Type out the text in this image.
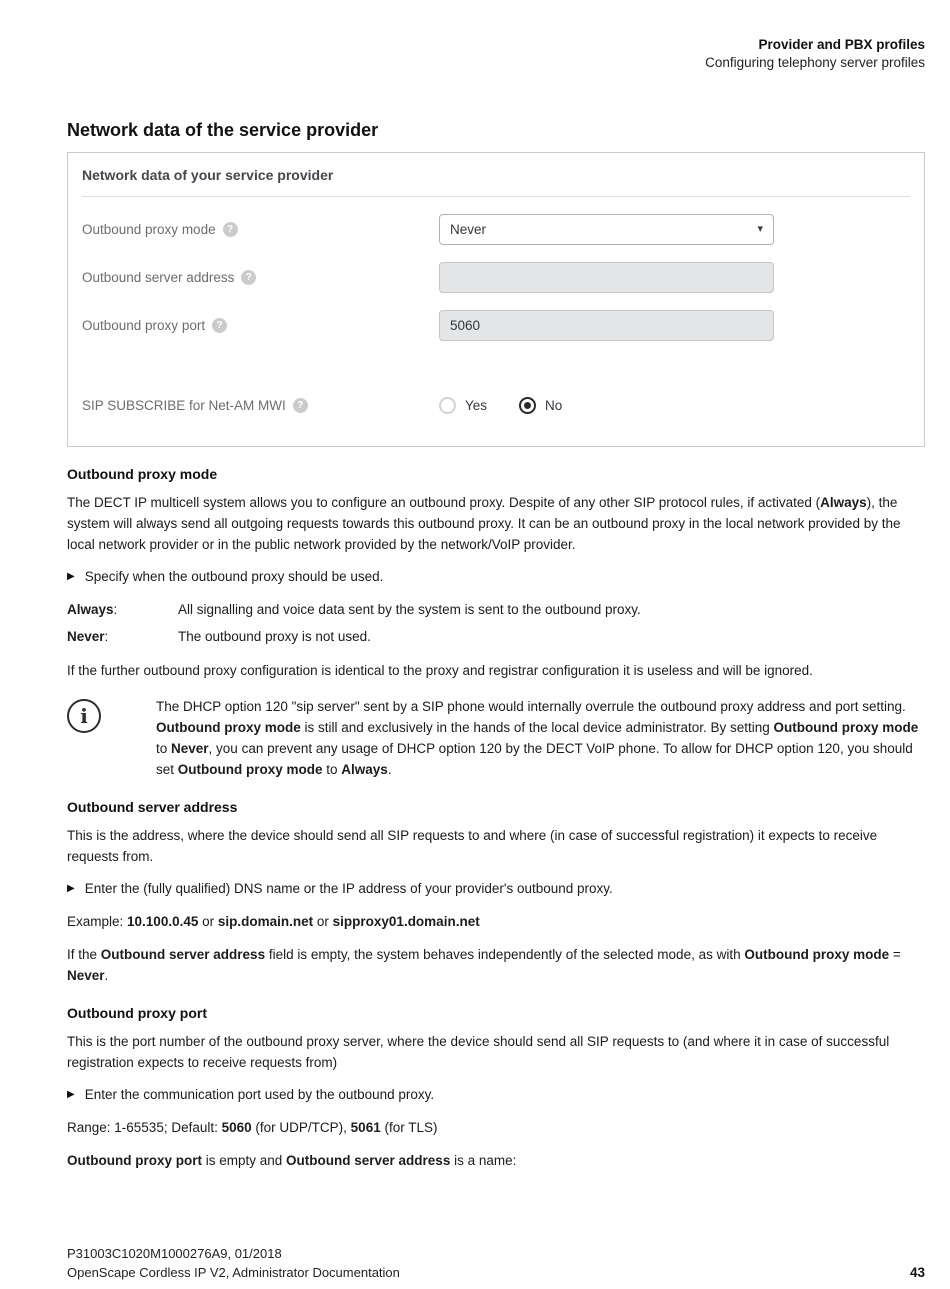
Provider and PBX profiles
Configuring telephony server profiles
Network data of the service provider
Network data of your service provider
Outbound proxy mode	?	Never	▾
Outbound server address	?
Outbound proxy port	?	5060
SIP SUBSCRIBE for Net-AM MWI	?	Yes	No
Outbound proxy mode

The DECT IP multicell system allows you to configure an outbound proxy. Despite of any other SIP protocol rules, if activated (Always), the system will always send all outgoing requests towards this outbound proxy. It can be an outbound proxy in the local network provided by the local network provider or in the public network provided by the network/VoIP provider.

▶ Specify when the outbound proxy should be used.
Always:	All signalling and voice data sent by the system is sent to the outbound proxy.
Never:	The outbound proxy is not used.

If the further outbound proxy configuration is identical to the proxy and registrar configuration it is useless and will be ignored.

i	The DHCP option 120 "sip server" sent by a SIP phone would internally overrule the outbound proxy address and port setting. Outbound proxy mode is still and exclusively in the hands of the local device administrator. By setting Outbound proxy mode to Never, you can prevent any usage of DHCP option 120 by the DECT VoIP phone. To allow for DHCP option 120, you should set Outbound proxy mode to Always.
Outbound server address

This is the address, where the device should send all SIP requests to and where (in case of successful registration) it expects to receive requests from.

▶ Enter the (fully qualified) DNS name or the IP address of your provider's outbound proxy.

Example: 10.100.0.45 or sip.domain.net or sipproxy01.domain.net

If the Outbound server address field is empty, the system behaves independently of the selected mode, as with Outbound proxy mode = Never.

Outbound proxy port

This is the port number of the outbound proxy server, where the device should send all SIP requests to (and where it in case of successful registration expects to receive requests from)

▶ Enter the communication port used by the outbound proxy.

Range: 1-65535; Default: 5060 (for UDP/TCP), 5061 (for TLS)

Outbound proxy port is empty and Outbound server address is a name:

P31003C1020M1000276A9, 01/2018
OpenScape Cordless IP V2, Administrator Documentation	43
